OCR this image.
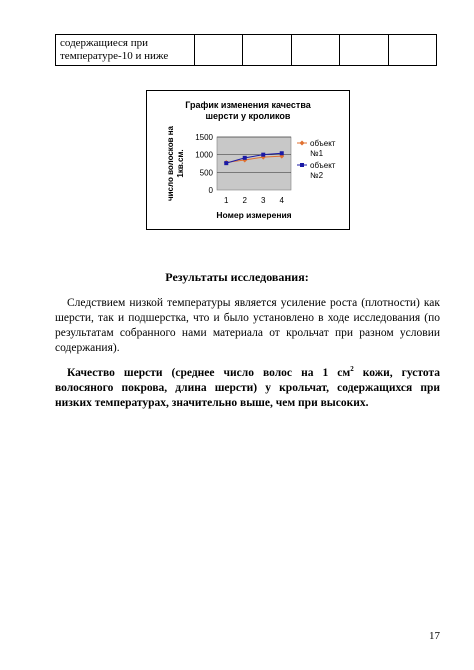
содержащиеся при температуре-10 и ниже					
График изменения качества
шерсти у кроликов
0
500
1000
1500
1 2 3 4
Номер измерения
число волосков на 1кв.см.
объект
№1
объект
№2
Результаты исследования:
Следствием низкой температуры является усиление роста (плотности) как шерсти, так и подшерстка, что и было установлено в ходе исследования (по результатам собранного нами материала от крольчат при разном условии содержания).
Качество шерсти (среднее число волос на 1 $см^2$ кожи, густота волосяного покрова, длина шерсти) у крольчат, содержащихся при низких температурах, значительно выше, чем при высоких.
17
